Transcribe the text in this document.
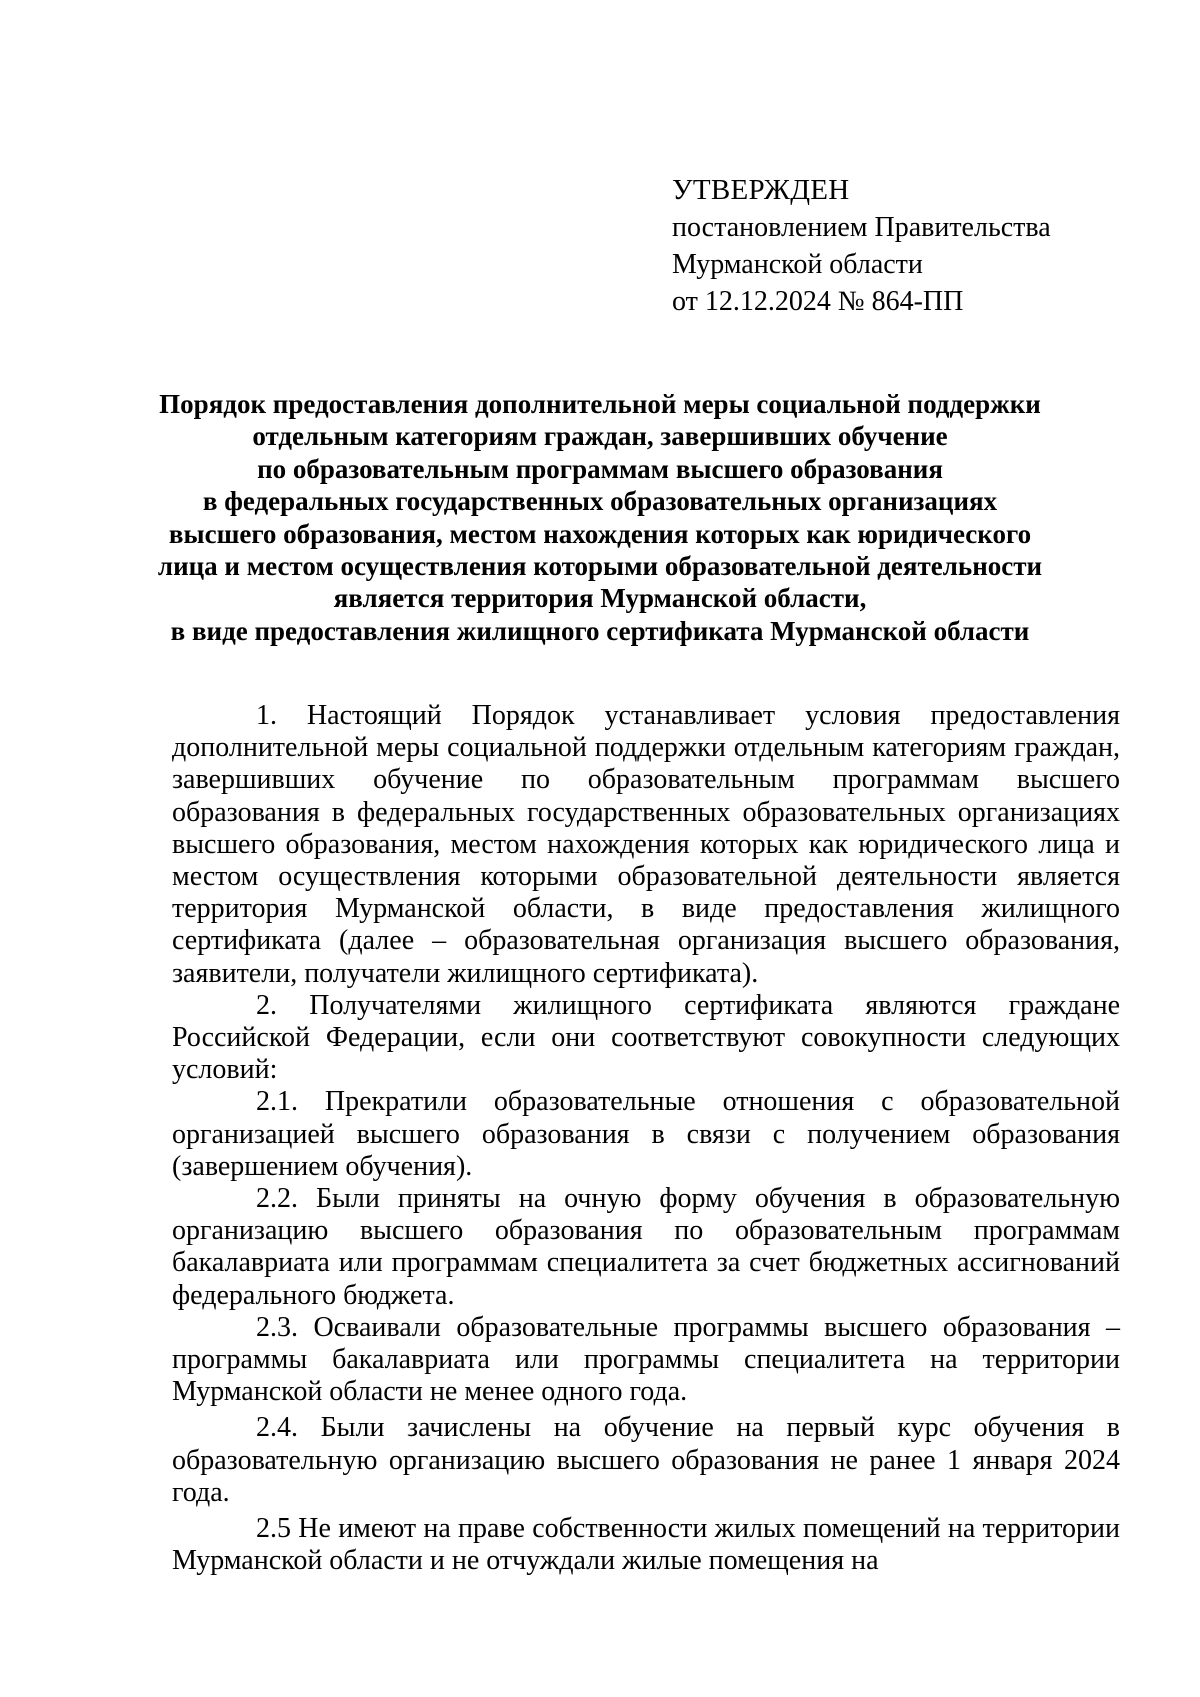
УТВЕРЖДЕН
постановлением Правительства
Мурманской области
от 12.12.2024 № 864-ПП
Порядок предоставления дополнительной меры социальной поддержки
отдельным категориям граждан, завершивших обучение
по образовательным программам высшего образования
в федеральных государственных образовательных организациях
высшего образования, местом нахождения которых как юридического
лица и местом осуществления которыми образовательной деятельности
является территория Мурманской области,
в виде предоставления жилищного сертификата Мурманской области

1. Настоящий Порядок устанавливает условия предоставления дополнительной меры социальной поддержки отдельным категориям граждан, завершивших обучение по образовательным программам высшего образования в федеральных государственных образовательных организациях высшего образования, местом нахождения которых как юридического лица и местом осуществления которыми образовательной деятельности является территория Мурманской области, в виде предоставления жилищного сертификата (далее – образовательная организация высшего образования, заявители, получатели жилищного сертификата).

2. Получателями жилищного сертификата являются граждане Российской Федерации, если они соответствуют совокупности следующих условий:

2.1. Прекратили образовательные отношения с образовательной организацией высшего образования в связи с получением образования (завершением обучения).

2.2. Были приняты на очную форму обучения в образовательную организацию высшего образования по образовательным программам бакалавриата или программам специалитета за счет бюджетных ассигнований федерального бюджета.

2.3. Осваивали образовательные программы высшего образования – программы бакалавриата или программы специалитета на территории Мурманской области не менее одного года.

2.4. Были зачислены на обучение на первый курс обучения в образовательную организацию высшего образования не ранее 1 января 2024 года.

2.5 Не имеют на праве собственности жилых помещений на территории Мурманской области и не отчуждали жилые помещения на
